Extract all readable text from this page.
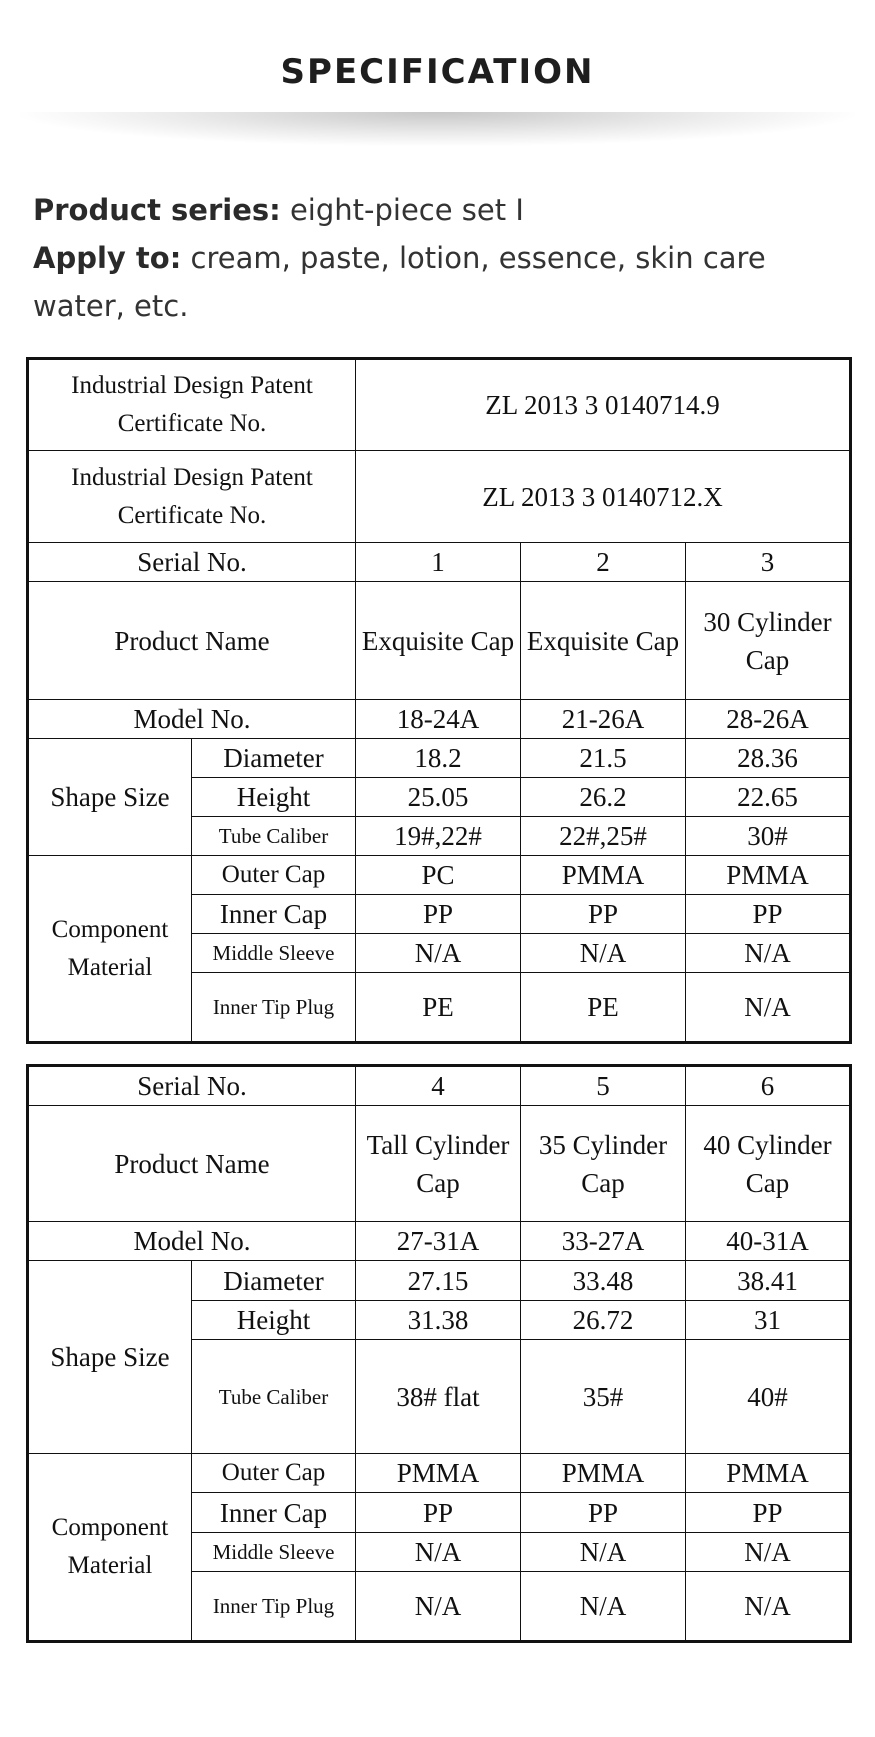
SPECIFICATION
Product series: eight-piece set Ⅰ
Apply to: cream, paste, lotion, essence, skin care water, etc.
Industrial Design Patent Certificate No.		ZL 2013 3 0140714.9		
Industrial Design Patent Certificate No.		ZL 2013 3 0140712.X		
Serial No.		1	2	3
Product Name		Exquisite Cap	Exquisite Cap	30 Cylinder Cap
Model No.		18-24A	21-26A	28-26A
Shape Size	Diameter	18.2	21.5	28.36
	Height	25.05	26.2	22.65
	Tube Caliber	19#,22#	22#,25#	30#
Component Material	Outer Cap	PC	PMMA	PMMA
	Inner Cap	PP	PP	PP
	Middle Sleeve	N/A	N/A	N/A
	Inner Tip Plug	PE	PE	N/A
Serial No.		4	5	6
Product Name		Tall Cylinder Cap	35 Cylinder Cap	40 Cylinder Cap
Model No.		27-31A	33-27A	40-31A
Shape Size	Diameter	27.15	33.48	38.41
	Height	31.38	26.72	31
	Tube Caliber	38# flat	35#	40#
Component Material	Outer Cap	PMMA	PMMA	PMMA
	Inner Cap	PP	PP	PP
	Middle Sleeve	N/A	N/A	N/A
	Inner Tip Plug	N/A	N/A	N/A
